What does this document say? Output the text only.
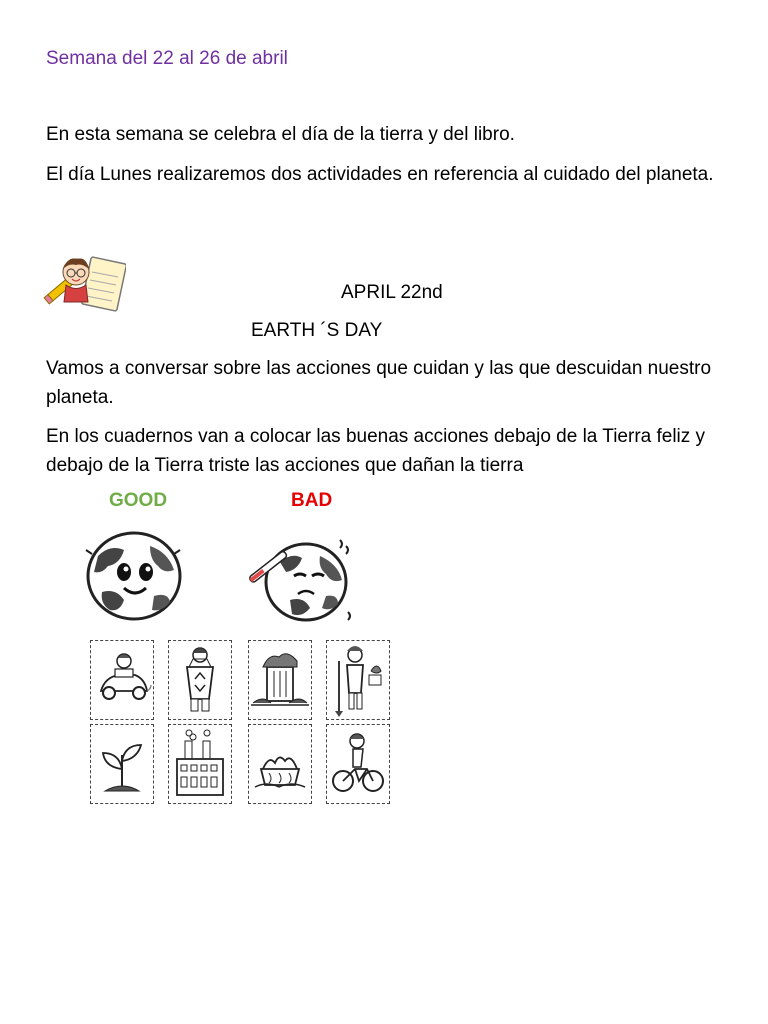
Semana del 22 al 26 de abril
En esta semana se celebra el día de la tierra y del libro.
El día Lunes realizaremos dos actividades en referencia al cuidado del planeta.
APRIL 22nd
EARTH ´S DAY
Vamos a conversar sobre las acciones que cuidan y las que descuidan nuestro planeta.
En los cuadernos van a colocar las buenas acciones debajo de la Tierra feliz y debajo de la Tierra triste las acciones que dañan la tierra
GOOD	BAD
